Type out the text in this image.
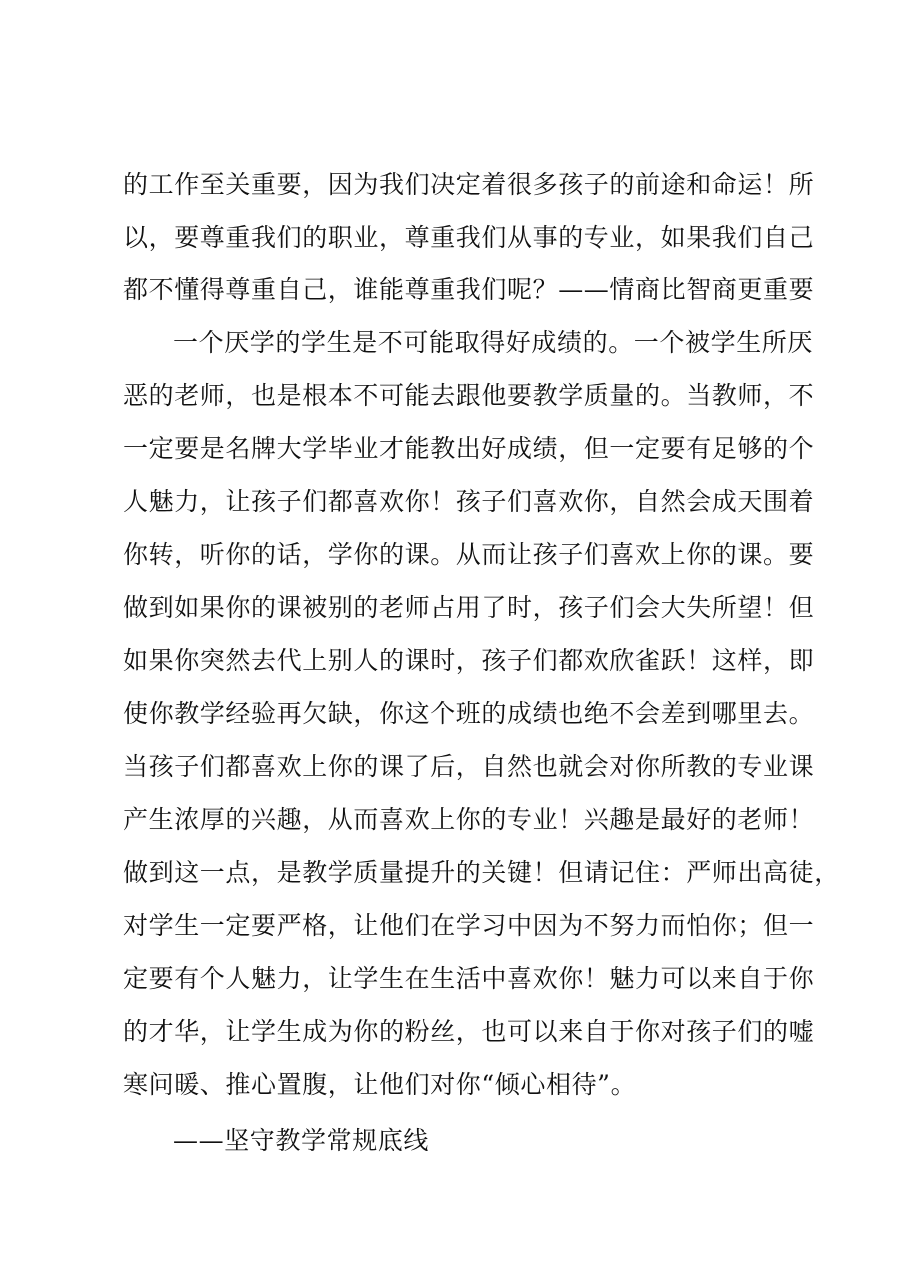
的工作至关重要，因为我们决定着很多孩子的前途和命运！所
以，要尊重我们的职业，尊重我们从事的专业，如果我们自己
都不懂得尊重自己，谁能尊重我们呢？——情商比智商更重要
一个厌学的学生是不可能取得好成绩的。一个被学生所厌
恶的老师，也是根本不可能去跟他要教学质量的。当教师，不
一定要是名牌大学毕业才能教出好成绩，但一定要有足够的个
人魅力，让孩子们都喜欢你！孩子们喜欢你，自然会成天围着
你转，听你的话，学你的课。从而让孩子们喜欢上你的课。要
做到如果你的课被别的老师占用了时，孩子们会大失所望！但
如果你突然去代上别人的课时，孩子们都欢欣雀跃！这样，即
使你教学经验再欠缺，你这个班的成绩也绝不会差到哪里去。
当孩子们都喜欢上你的课了后，自然也就会对你所教的专业课
产生浓厚的兴趣，从而喜欢上你的专业！兴趣是最好的老师！
做到这一点，是教学质量提升的关键！但请记住：严师出高徒，
对学生一定要严格，让他们在学习中因为不努力而怕你；但一
定要有个人魅力，让学生在生活中喜欢你！魅力可以来自于你
的才华，让学生成为你的粉丝，也可以来自于你对孩子们的嘘
寒问暖、推心置腹，让他们对你“倾心相待”。
——坚守教学常规底线
